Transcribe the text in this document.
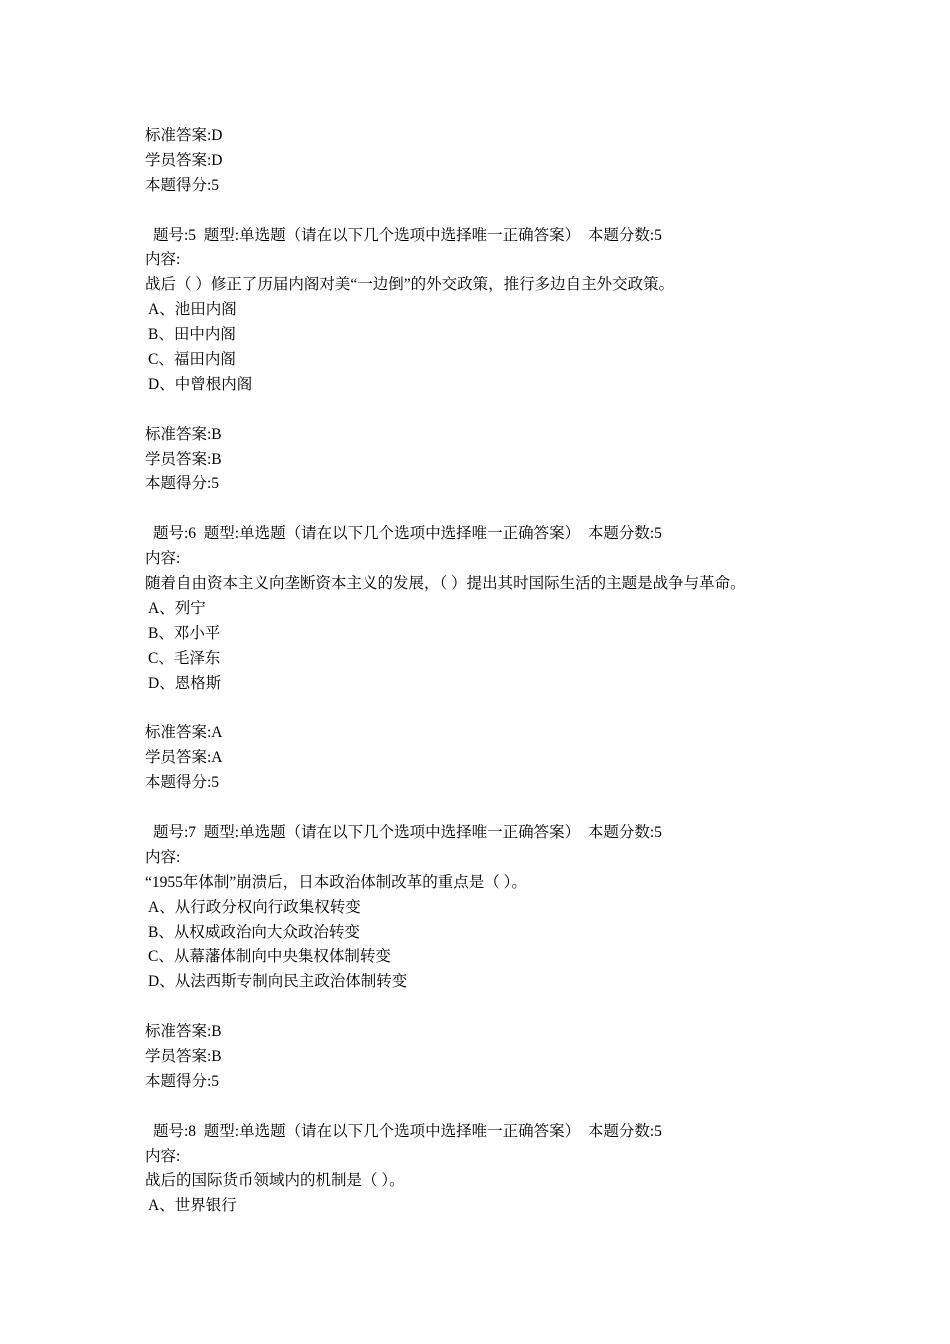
标准答案:D
学员答案:D
本题得分:5
题号:5  题型:单选题（请在以下几个选项中选择唯一正确答案）  本题分数:5
内容:
战后（ ）修正了历届内阁对美“一边倒”的外交政策，推行多边自主外交政策。
A、池田内阁
B、田中内阁
C、福田内阁
D、中曾根内阁
标准答案:B
学员答案:B
本题得分:5
题号:6  题型:单选题（请在以下几个选项中选择唯一正确答案）  本题分数:5
内容:
随着自由资本主义向垄断资本主义的发展，（ ）提出其时国际生活的主题是战争与革命。
A、列宁
B、邓小平
C、毛泽东
D、恩格斯
标准答案:A
学员答案:A
本题得分:5
题号:7  题型:单选题（请在以下几个选项中选择唯一正确答案）  本题分数:5
内容:
“1955年体制”崩溃后，日本政治体制改革的重点是（ ）。
A、从行政分权向行政集权转变
B、从权威政治向大众政治转变
C、从幕藩体制向中央集权体制转变
D、从法西斯专制向民主政治体制转变
标准答案:B
学员答案:B
本题得分:5
题号:8  题型:单选题（请在以下几个选项中选择唯一正确答案）  本题分数:5
内容:
战后的国际货币领域内的机制是（ ）。
A、世界银行
